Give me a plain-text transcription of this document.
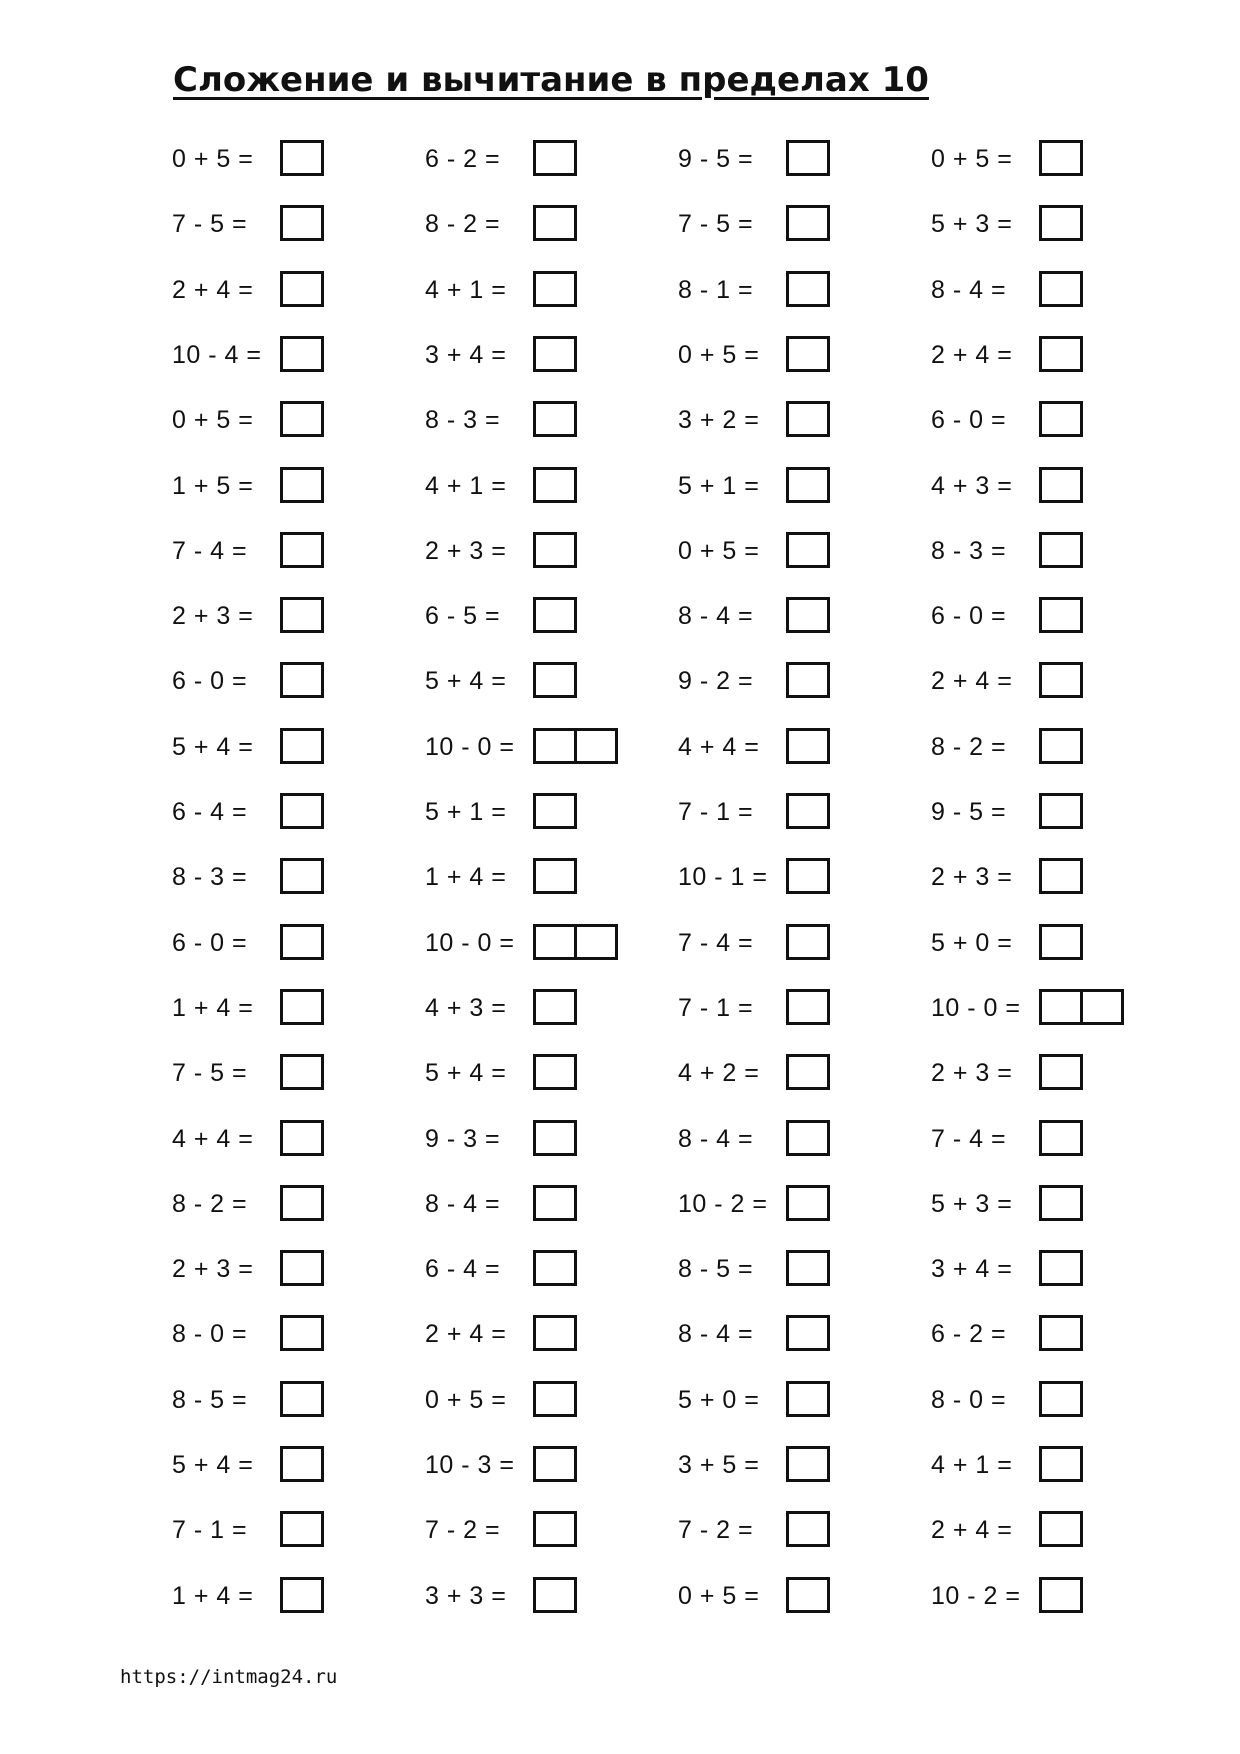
Сложение и вычитание в пределах 10
0 + 5 =
7 - 5 =
2 + 4 =
10 - 4 =
0 + 5 =
1 + 5 =
7 - 4 =
2 + 3 =
6 - 0 =
5 + 4 =
6 - 4 =
8 - 3 =
6 - 0 =
1 + 4 =
7 - 5 =
4 + 4 =
8 - 2 =
2 + 3 =
8 - 0 =
8 - 5 =
5 + 4 =
7 - 1 =
1 + 4 =
6 - 2 =
8 - 2 =
4 + 1 =
3 + 4 =
8 - 3 =
4 + 1 =
2 + 3 =
6 - 5 =
5 + 4 =
10 - 0 =
5 + 1 =
1 + 4 =
10 - 0 =
4 + 3 =
5 + 4 =
9 - 3 =
8 - 4 =
6 - 4 =
2 + 4 =
0 + 5 =
10 - 3 =
7 - 2 =
3 + 3 =
9 - 5 =
7 - 5 =
8 - 1 =
0 + 5 =
3 + 2 =
5 + 1 =
0 + 5 =
8 - 4 =
9 - 2 =
4 + 4 =
7 - 1 =
10 - 1 =
7 - 4 =
7 - 1 =
4 + 2 =
8 - 4 =
10 - 2 =
8 - 5 =
8 - 4 =
5 + 0 =
3 + 5 =
7 - 2 =
0 + 5 =
0 + 5 =
5 + 3 =
8 - 4 =
2 + 4 =
6 - 0 =
4 + 3 =
8 - 3 =
6 - 0 =
2 + 4 =
8 - 2 =
9 - 5 =
2 + 3 =
5 + 0 =
10 - 0 =
2 + 3 =
7 - 4 =
5 + 3 =
3 + 4 =
6 - 2 =
8 - 0 =
4 + 1 =
2 + 4 =
10 - 2 =
https://intmag24.ru
